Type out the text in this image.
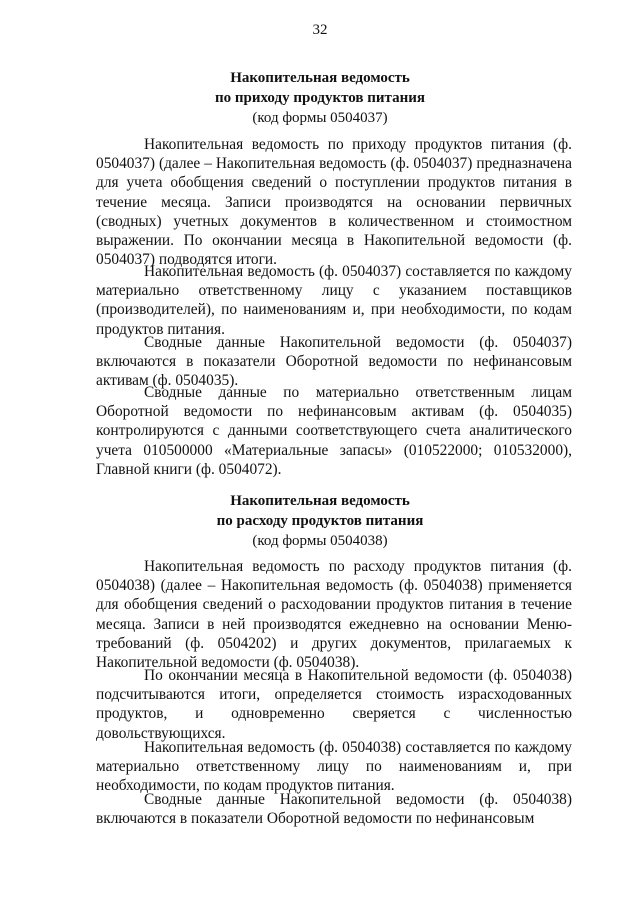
32
Накопительная ведомость
по приходу продуктов питания
(код формы 0504037)

Накопительная ведомость по приходу продуктов питания (ф. 0504037) (далее – Накопительная ведомость (ф. 0504037) предназначена для учета обобщения сведений о поступлении продуктов питания в течение месяца. Записи производятся на основании первичных (сводных) учетных документов в количественном и стоимостном выражении. По окончании месяца в Накопительной ведомости (ф. 0504037) подводятся итоги.

Накопительная ведомость (ф. 0504037) составляется по каждому материально ответственному лицу с указанием поставщиков (производителей), по наименованиям и, при необходимости, по кодам продуктов питания.

Сводные данные Накопительной ведомости (ф. 0504037) включаются в показатели Оборотной ведомости по нефинансовым активам (ф. 0504035).

Сводные данные по материально ответственным лицам Оборотной ведомости по нефинансовым активам (ф. 0504035) контролируются с данными соответствующего счета аналитического учета 010500000 «Материальные запасы» (010522000; 010532000), Главной книги (ф. 0504072).

Накопительная ведомость
по расходу продуктов питания
(код формы 0504038)

Накопительная ведомость по расходу продуктов питания (ф. 0504038) (далее – Накопительная ведомость (ф. 0504038) применяется для обобщения сведений о расходовании продуктов питания в течение месяца. Записи в ней производятся ежедневно на основании Меню-требований (ф. 0504202) и других документов, прилагаемых к Накопительной ведомости (ф. 0504038).

По окончании месяца в Накопительной ведомости (ф. 0504038) подсчитываются итоги, определяется стоимость израсходованных продуктов, и одновременно сверяется с численностью довольствующихся.

Накопительная ведомость (ф. 0504038) составляется по каждому материально ответственному лицу по наименованиям и, при необходимости, по кодам продуктов питания.

Сводные данные Накопительной ведомости (ф. 0504038) включаются в показатели Оборотной ведомости по нефинансовым
